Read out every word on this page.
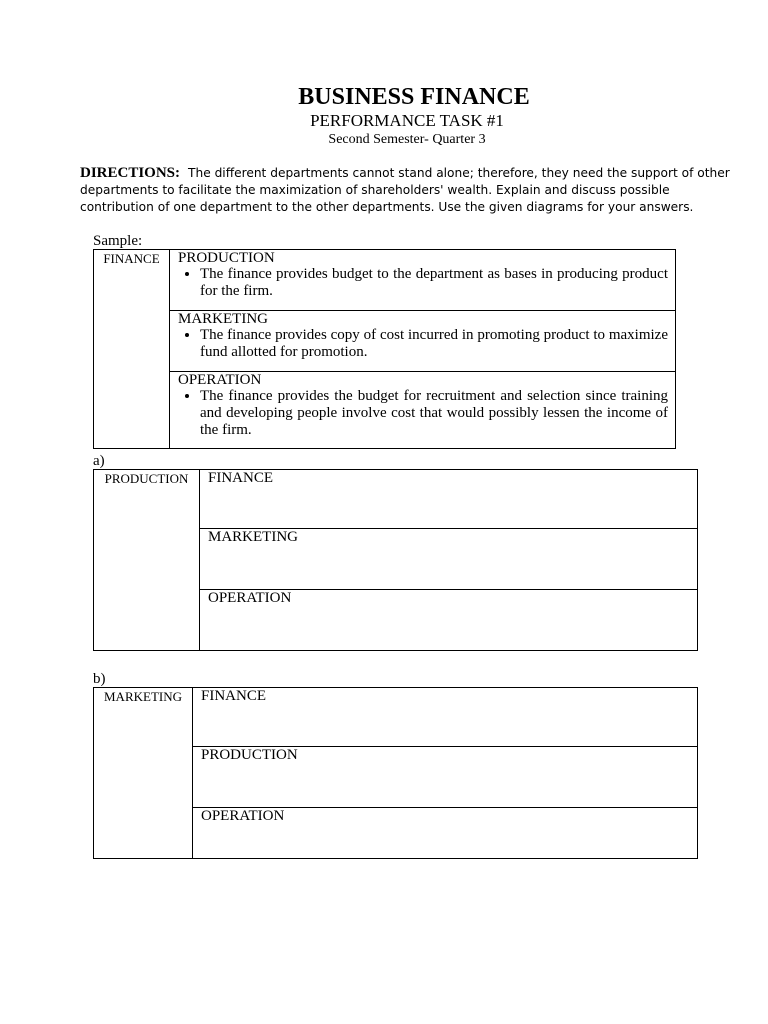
BUSINESS FINANCE
PERFORMANCE TASK #1
Second Semester- Quarter 3
DIRECTIONS: The different departments cannot stand alone; therefore, they need the support of other departments to facilitate the maximization of shareholders' wealth. Explain and discuss possible contribution of one department to the other departments. Use the given diagrams for your answers.
Sample:
FINANCE	PRODUCTION
• The finance provides budget to the department as bases in producing product for the firm.
MARKETING
• The finance provides copy of cost incurred in promoting product to maximize fund allotted for promotion.
OPERATION
• The finance provides the budget for recruitment and selection since training and developing people involve cost that would possibly lessen the income of the firm.
a)
PRODUCTION	FINANCE
MARKETING
OPERATION
b)
MARKETING	FINANCE
PRODUCTION
OPERATION
